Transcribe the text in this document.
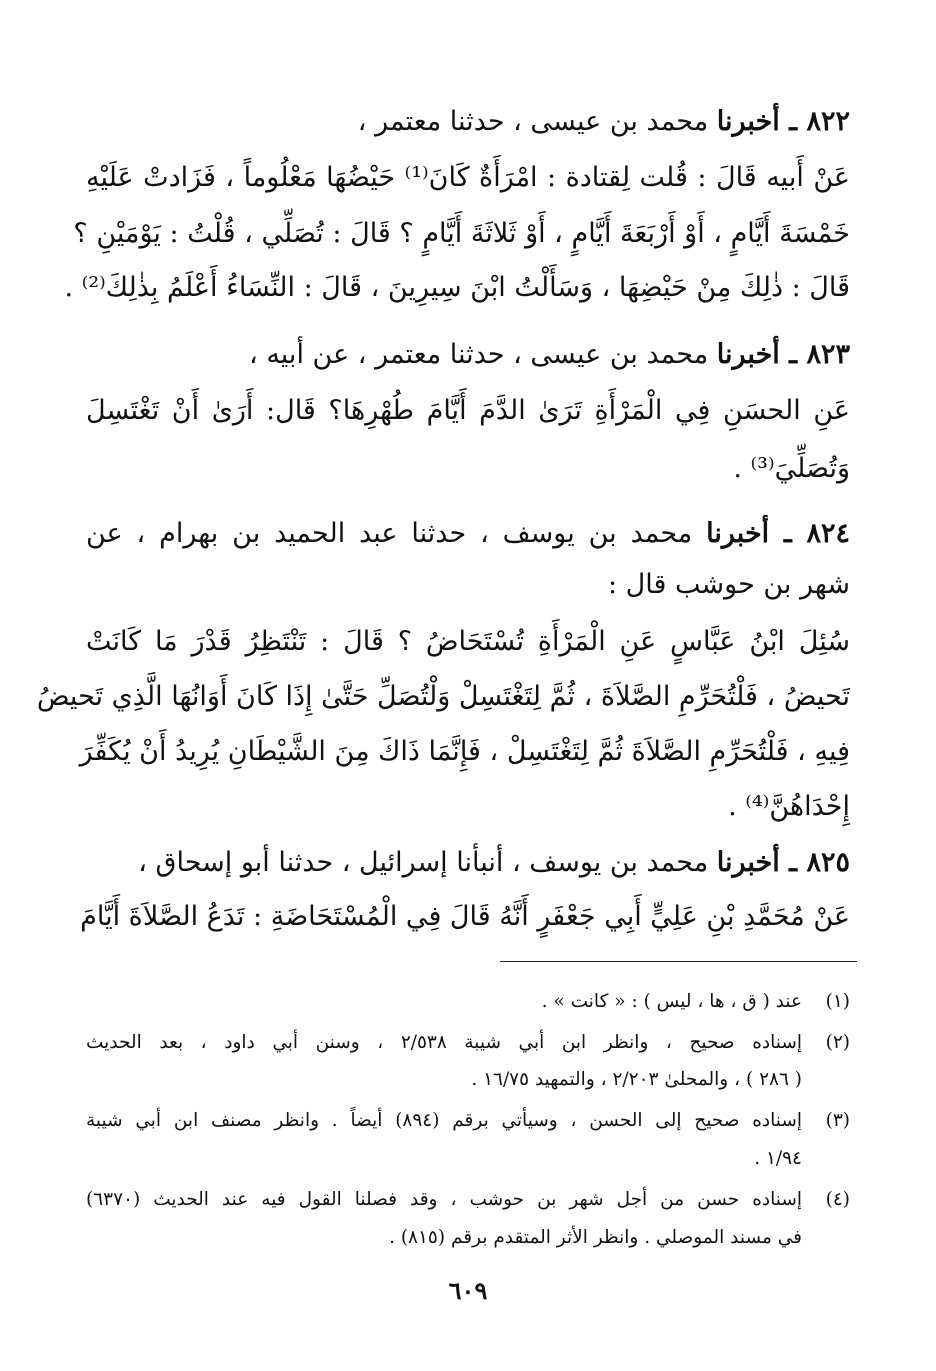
٨٢٢ ـ أخبرنا محمد بن عيسى ، حدثنا معتمر ،
عَنْ أَبيه قَالَ : قُلت لِقتادة : امْرَأَةٌ كَانَ⁽¹⁾ حَيْضُهَا مَعْلُوماً ، فَزَادتْ عَلَيْهِ
خَمْسَةَ أَيَّامٍ ، أَوْ أَرْبَعَةَ أَيَّامٍ ، أَوْ ثَلاثَةَ أَيَّامٍ ؟ قَالَ : تُصَلِّي ، قُلْتُ : يَوْمَيْنِ ؟
قَالَ : ذٰلِكَ مِنْ حَيْضِهَا ، وَسَأَلْتُ ابْنَ سِيرِينَ ، قَالَ : النِّسَاءُ أَعْلَمُ بِذٰلِكَ⁽²⁾ .
٨٢٣ ـ أخبرنا محمد بن عيسى ، حدثنا معتمر ، عن أبيه ،
عَنِ الحسَنِ فِي الْمَرْأَةِ تَرَىٰ الدَّمَ أَيَّامَ طُهْرِهَا؟ قَال: أَرَىٰ أَنْ تَغْتَسِلَ
وَتُصَلِّيَ⁽³⁾ .
٨٢٤ ـ أخبرنا محمد بن يوسف ، حدثنا عبد الحميد بن بهرام ، عن
شهر بن حوشب قال :
سُئِلَ ابْنُ عَبَّاسٍ عَنِ الْمَرْأَةِ تُسْتَحَاضُ ؟ قَالَ : تَنْتَظِرُ قَدْرَ مَا كَانَتْ
تَحيضُ ، فَلْتُحَرِّمِ الصَّلاَةَ ، ثُمَّ لِتَغْتَسِلْ وَلْتُصَلِّ حَتَّىٰ إِذَا كَانَ أَوَانُهَا الَّذِي تَحيضُ
فِيهِ ، فَلْتُحَرِّمِ الصَّلاَةَ ثُمَّ لِتَغْتَسِلْ ، فَإِنَّمَا ذَاكَ مِنَ الشَّيْطَانِ يُرِيدُ أَنْ يُكَفِّرَ
إِحْدَاهُنَّ⁽⁴⁾ .
٨٢٥ ـ أخبرنا محمد بن يوسف ، أنبأنا إسرائيل ، حدثنا أبو إسحاق ،
عَنْ مُحَمَّدِ بْنِ عَلِيٍّ أَبِي جَعْفَرٍ أَنَّهُ قَالَ فِي الْمُسْتَحَاضَةِ : تَدَعُ الصَّلاَةَ أَيَّامَ
(١)
عند ( ق ، ها ، ليس ) : « كانت » .
(٢)
إسناده صحيح ، وانظر ابن أبي شيبة ٢/٥٣٨ ، وسنن أبي داود ، بعد الحديث
( ٢٨٦ ) ، والمحلىٰ ٢/٢٠٣ ، والتمهيد ١٦/٧٥ .
(٣)
إسناده صحيح إلى الحسن ، وسيأتي برقم (٨٩٤) أيضاً . وانظر مصنف ابن أبي شيبة
١/٩٤ .
(٤)
إسناده حسن من أجل شهر بن حوشب ، وقد فصلنا القول فيه عند الحديث (٦٣٧٠)
في مسند الموصلي . وانظر الأثر المتقدم برقم (٨١٥) .
٦٠٩
